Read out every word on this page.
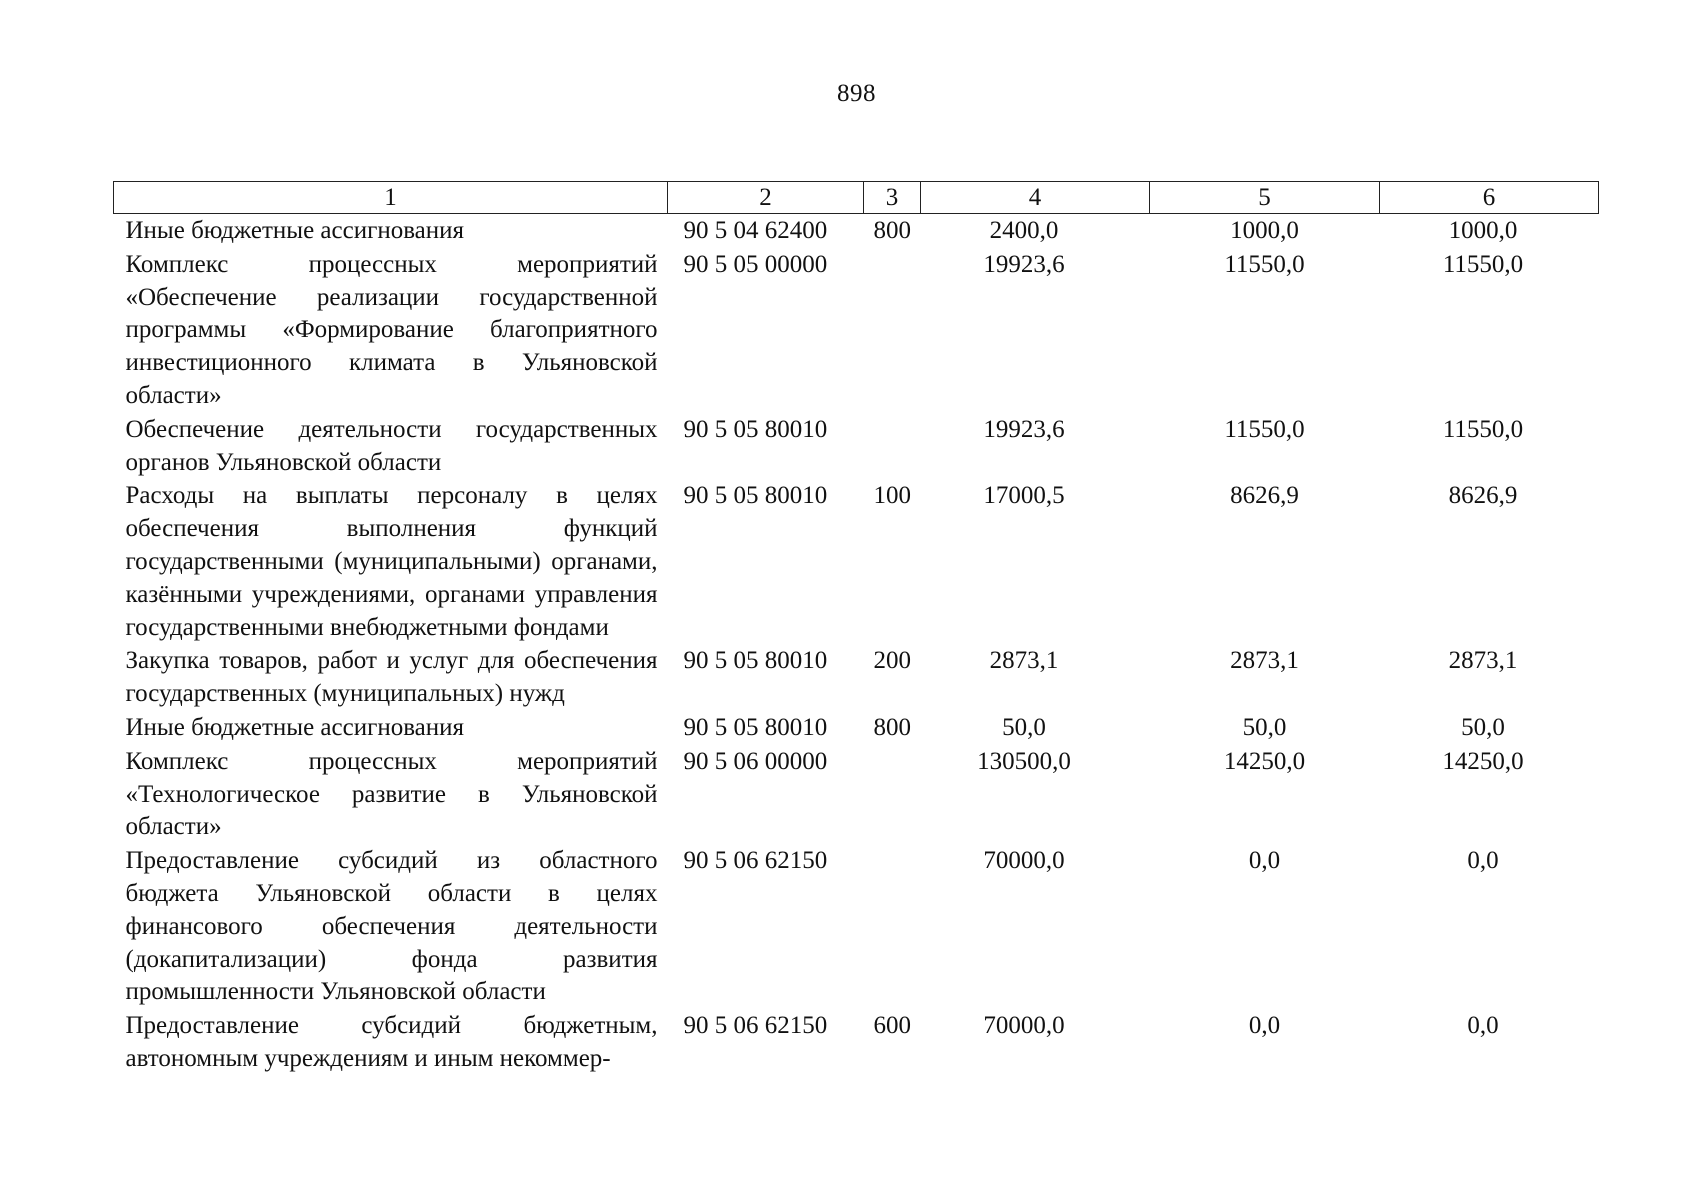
898
1	2	3	4	5	6
Иные бюджетные ассигнования	90 5 04 62400	800	2400,0	1000,0	1000,0
Комплекс процессных мероприятий «Обеспечение реализации государственной программы «Формирование благоприятного инвестиционного климата в Ульяновской области»	90 5 05 00000		19923,6	11550,0	11550,0
Обеспечение деятельности государственных органов Ульяновской области	90 5 05 80010		19923,6	11550,0	11550,0
Расходы на выплаты персоналу в целях обеспечения выполнения функций государственными (муниципальными) органами, казёнными учреждениями, органами управления государственными внебюджетными фондами	90 5 05 80010	100	17000,5	8626,9	8626,9
Закупка товаров, работ и услуг для обеспечения государственных (муниципальных) нужд	90 5 05 80010	200	2873,1	2873,1	2873,1
Иные бюджетные ассигнования	90 5 05 80010	800	50,0	50,0	50,0
Комплекс процессных мероприятий «Технологическое развитие в Ульяновской области»	90 5 06 00000		130500,0	14250,0	14250,0
Предоставление субсидий из областного бюджета Ульяновской области в целях финансового обеспечения деятельности (докапитализации) фонда развития промышленности Ульяновской области	90 5 06 62150		70000,0	0,0	0,0
Предоставление субсидий бюджетным, автономным учреждениям и иным некоммер-	90 5 06 62150	600	70000,0	0,0	0,0
